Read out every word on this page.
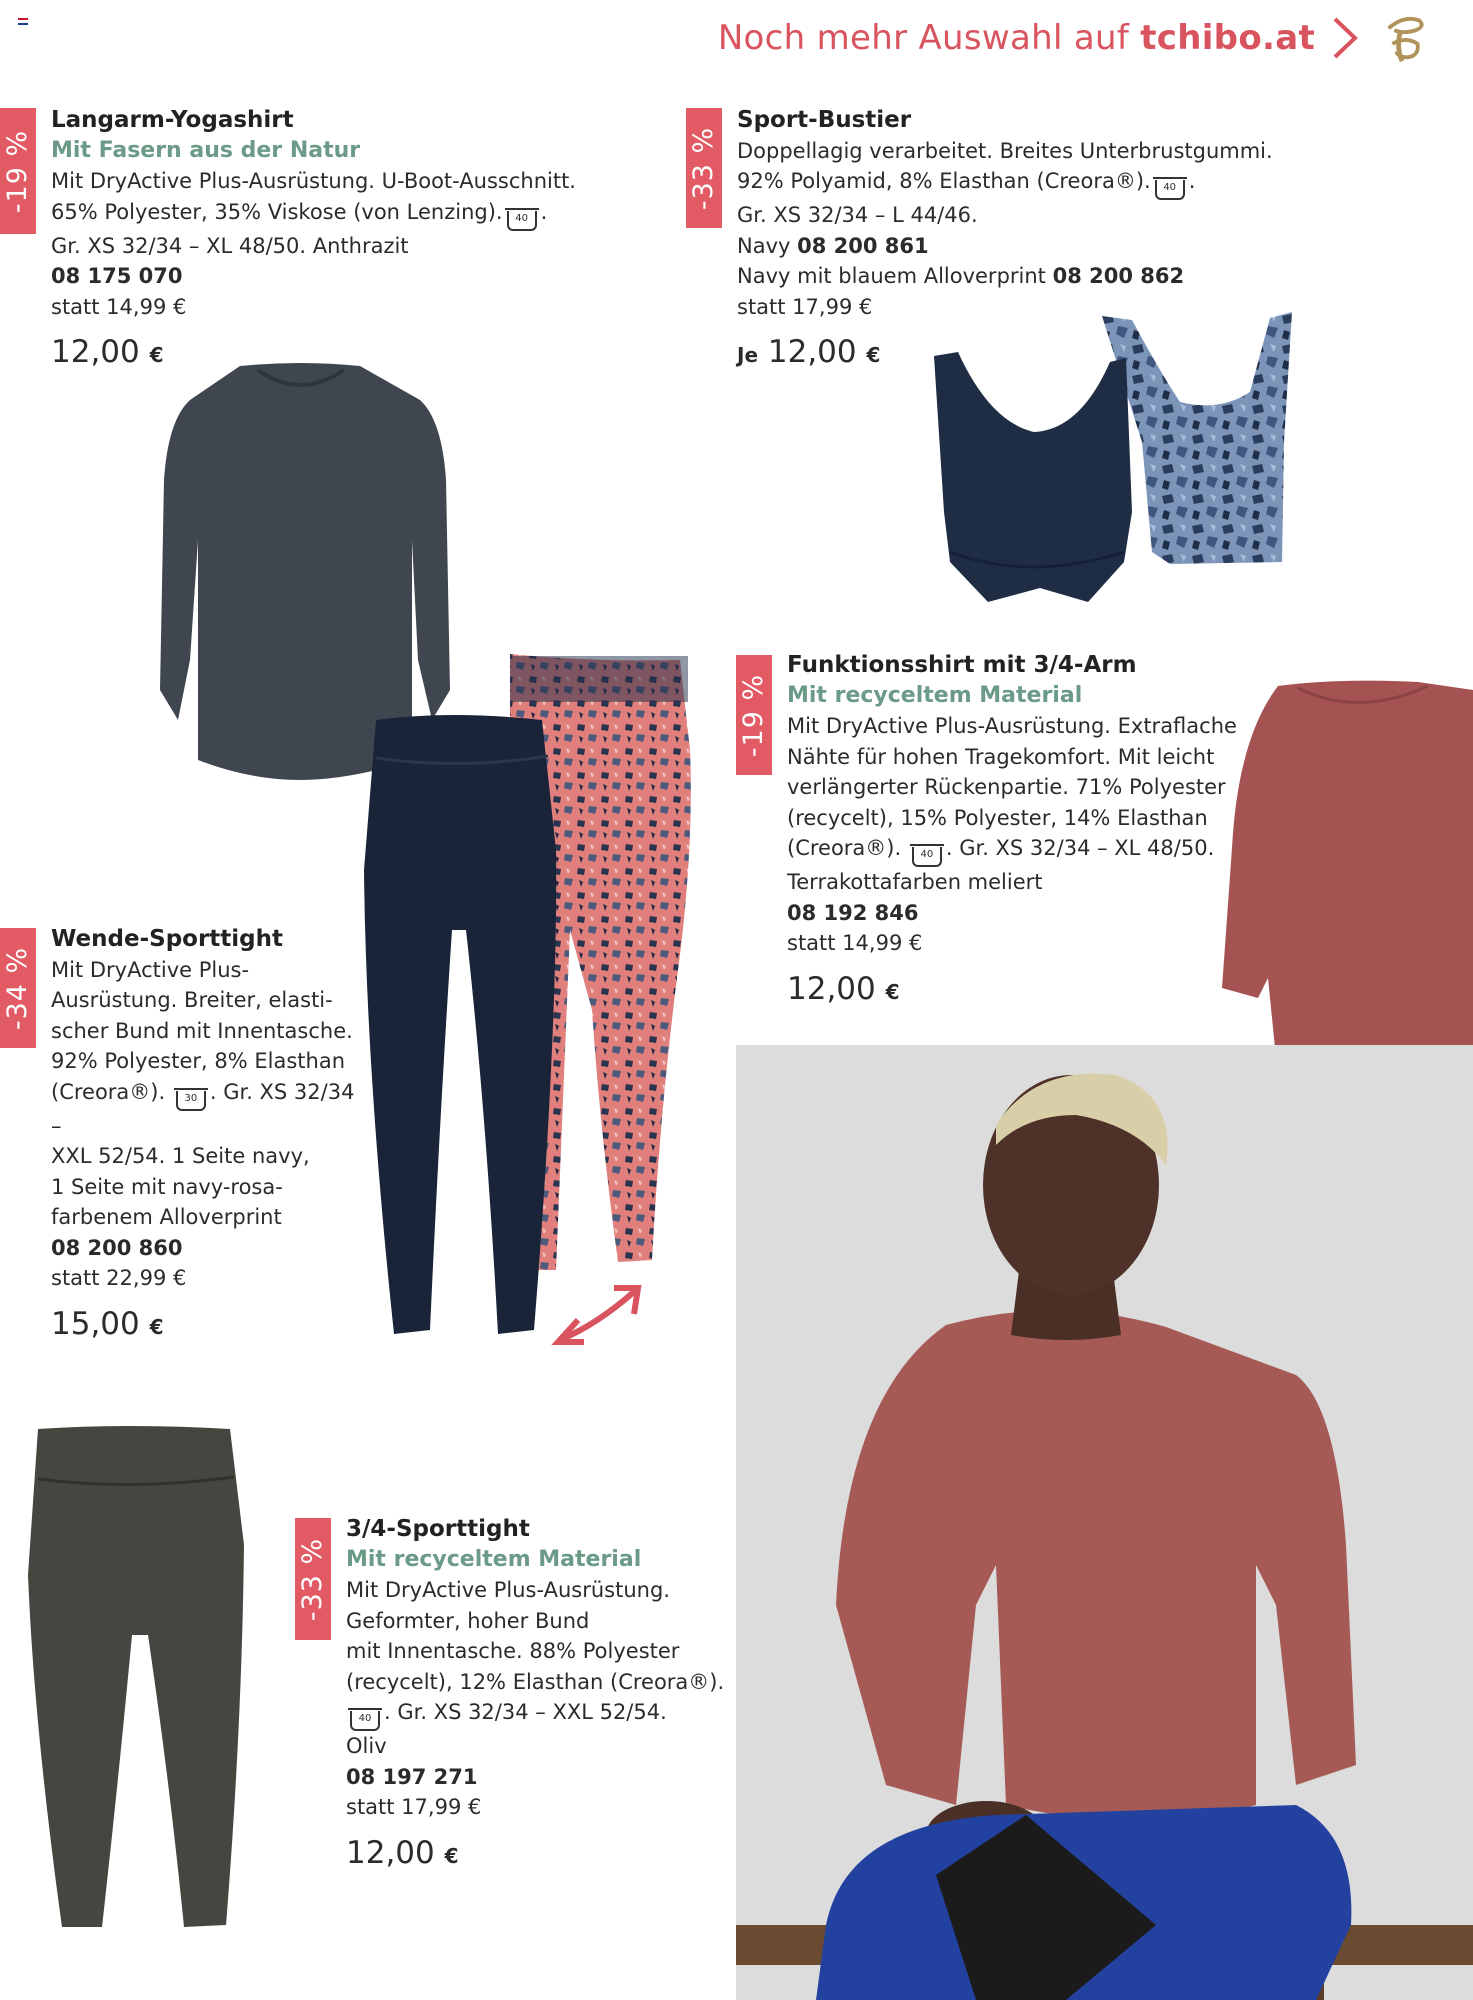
Noch mehr Auswahl auf tchibo.at
-19 %
Langarm-Yogashirt
Mit Fasern aus der Natur
Mit DryActive Plus-Ausrüstung. U-Boot-Ausschnitt.
65% Polyester, 35% Viskose (von Lenzing). 40 .
Gr. XS 32/34 – XL 48/50. Anthrazit
08 175 070
statt 14,99 €
12,00 €
-33 %
Sport-Bustier
Doppellagig verarbeitet. Breites Unterbrustgummi.
92% Polyamid, 8% Elasthan (Creora®). 40 .
Gr. XS 32/34 – L 44/46.
Navy 08 200 861
Navy mit blauem Alloverprint 08 200 862
statt 17,99 €
Je 12,00 €
-19 %
Funktionsshirt mit 3/4-Arm
Mit recyceltem Material
Mit DryActive Plus-Ausrüstung. Extraflache
Nähte für hohen Tragekomfort. Mit leicht
verlängerter Rückenpartie. 71% Polyester
(recycelt), 15% Polyester, 14% Elasthan
(Creora®). 40 . Gr. XS 32/34 – XL 48/50.
Terrakottafarben meliert
08 192 846
statt 14,99 €
12,00 €
-34 %
Wende-Sporttight
Mit DryActive Plus-
Ausrüstung. Breiter, elasti-
scher Bund mit Innentasche.
92% Polyester, 8% Elasthan
(Creora®). 30 . Gr. XS 32/34 –
XXL 52/54. 1 Seite navy,
1 Seite mit navy-rosa-
farbenem Alloverprint
08 200 860
statt 22,99 €
15,00 €
-33 %
3/4-Sporttight
Mit recyceltem Material
Mit DryActive Plus-Ausrüstung.
Geformter, hoher Bund
mit Innentasche. 88% Polyester
(recycelt), 12% Elasthan (Creora®).
40 . Gr. XS 32/34 – XXL 52/54.
Oliv
08 197 271
statt 17,99 €
12,00 €
